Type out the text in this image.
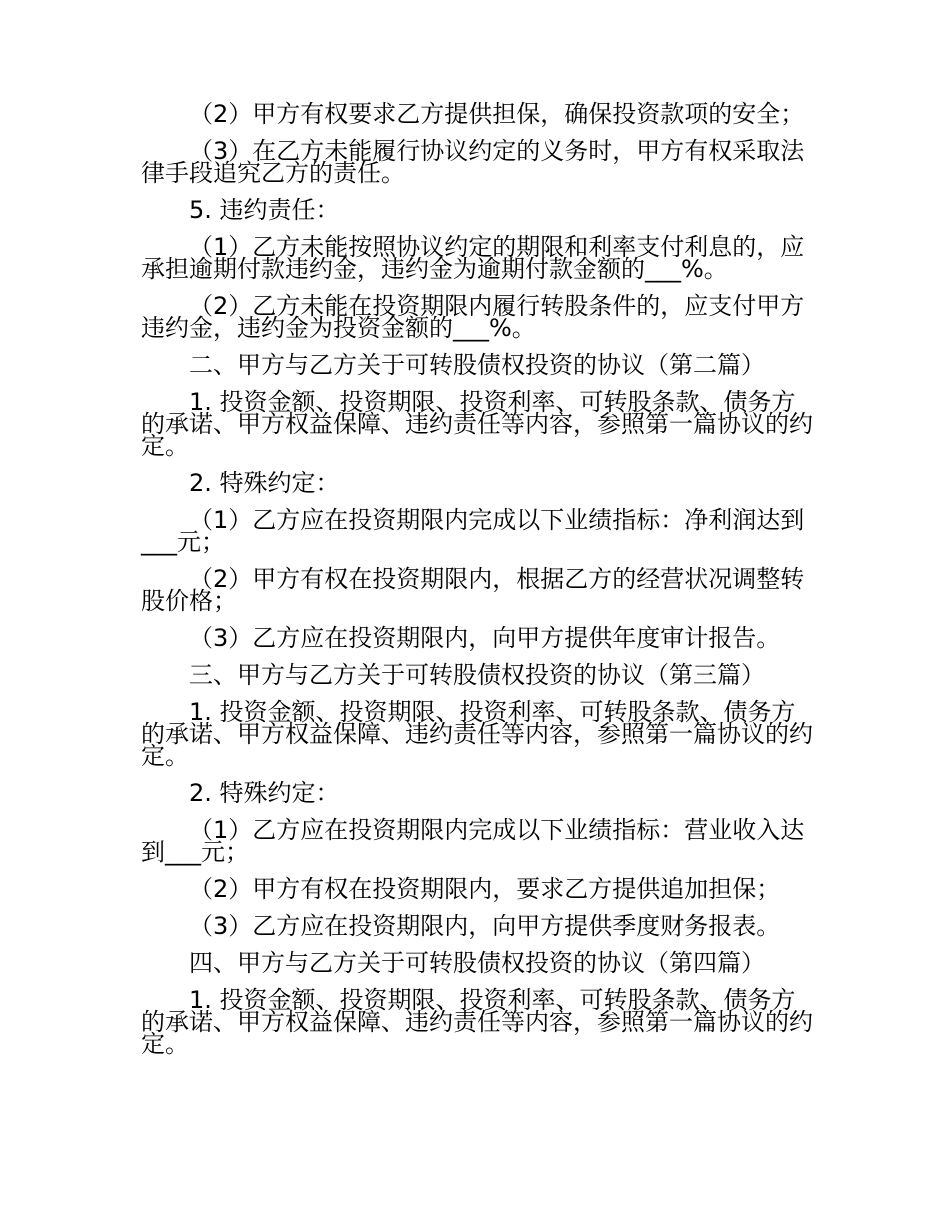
（2）甲方有权要求乙方提供担保，确保投资款项的安全；

（3）在乙方未能履行协议约定的义务时，甲方有权采取法律手段追究乙方的责任。

5. 违约责任：

（1）乙方未能按照协议约定的期限和利率支付利息的，应承担逾期付款违约金，违约金为逾期付款金额的___%。

（2）乙方未能在投资期限内履行转股条件的，应支付甲方违约金，违约金为投资金额的___%。

二、甲方与乙方关于可转股债权投资的协议（第二篇）

1. 投资金额、投资期限、投资利率、可转股条款、债务方的承诺、甲方权益保障、违约责任等内容，参照第一篇协议的约定。

2. 特殊约定：

（1）乙方应在投资期限内完成以下业绩指标：净利润达到___元；

（2）甲方有权在投资期限内，根据乙方的经营状况调整转股价格；

（3）乙方应在投资期限内，向甲方提供年度审计报告。

三、甲方与乙方关于可转股债权投资的协议（第三篇）

1. 投资金额、投资期限、投资利率、可转股条款、债务方的承诺、甲方权益保障、违约责任等内容，参照第一篇协议的约定。

2. 特殊约定：

（1）乙方应在投资期限内完成以下业绩指标：营业收入达到___元；

（2）甲方有权在投资期限内，要求乙方提供追加担保；

（3）乙方应在投资期限内，向甲方提供季度财务报表。

四、甲方与乙方关于可转股债权投资的协议（第四篇）

1. 投资金额、投资期限、投资利率、可转股条款、债务方的承诺、甲方权益保障、违约责任等内容，参照第一篇协议的约定。
